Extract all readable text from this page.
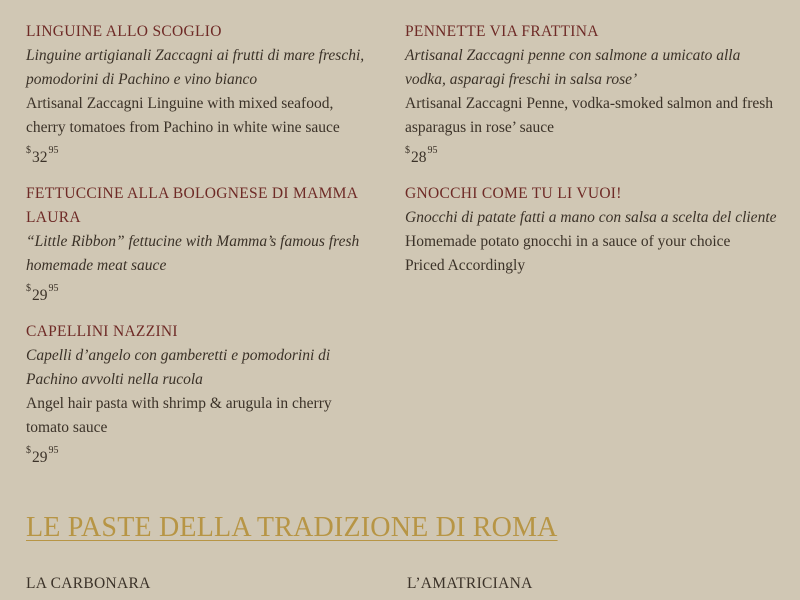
LINGUINE ALLO SCOGLIO
Linguine artigianali Zaccagni ai frutti di mare freschi, pomodorini di Pachino e vino bianco
Artisanal Zaccagni Linguine with mixed seafood, cherry tomatoes from Pachino in white wine sauce
$^{\$}32^{95}$
FETTUCCINE ALLA BOLOGNESE DI MAMMA LAURA
“Little Ribbon” fettucine with Mamma’s famous fresh homemade meat sauce
$^{\$}29^{95}$
CAPELLINI NAZZINI
Capelli d’angelo con gamberetti e pomodorini di Pachino avvolti nella rucola
Angel hair pasta with shrimp & arugula in cherry tomato sauce
$^{\$}29^{95}$
PENNETTE VIA FRATTINA
Artisanal Zaccagni penne con salmone a umicato alla vodka, asparagi freschi in salsa rose’
Artisanal Zaccagni Penne, vodka-smoked salmon and fresh asparagus in rose’ sauce
$^{\$}28^{95}$
GNOCCHI COME TU LI VUOI!
Gnocchi di patate fatti a mano con salsa a scelta del cliente
Homemade potato gnocchi in a sauce of your choice
Priced Accordingly
LE PASTE DELLA TRADIZIONE DI ROMA
LA CARBONARA	L’AMATRICIANA
